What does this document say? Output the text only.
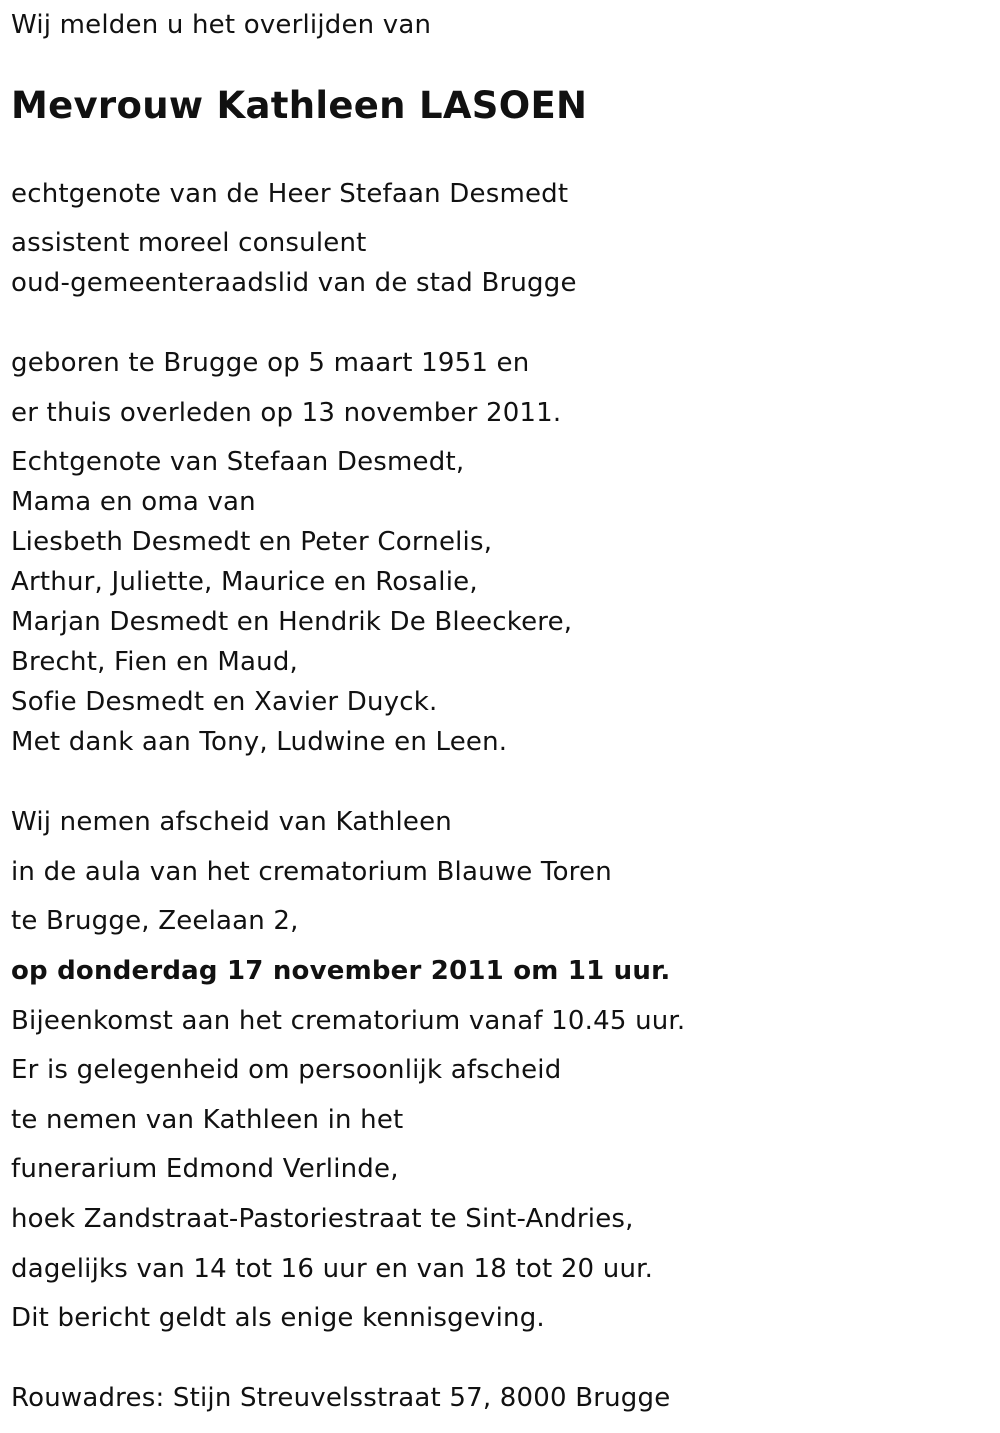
Wij melden u het overlijden van
Mevrouw Kathleen LASOEN
echtgenote van de Heer Stefaan Desmedt
assistent moreel consulent
oud-gemeenteraadslid van de stad Brugge
geboren te Brugge op 5 maart 1951 en
er thuis overleden op 13 november 2011.
Echtgenote van Stefaan Desmedt,
Mama en oma van
Liesbeth Desmedt en Peter Cornelis,
Arthur, Juliette, Maurice en Rosalie,
Marjan Desmedt en Hendrik De Bleeckere,
Brecht, Fien en Maud,
Sofie Desmedt en Xavier Duyck.
Met dank aan Tony, Ludwine en Leen.
Wij nemen afscheid van Kathleen
in de aula van het crematorium Blauwe Toren
te Brugge, Zeelaan 2,
op donderdag 17 november 2011 om 11 uur.
Bijeenkomst aan het crematorium vanaf 10.45 uur.
Er is gelegenheid om persoonlijk afscheid
te nemen van Kathleen in het
funerarium Edmond Verlinde,
hoek Zandstraat-Pastoriestraat te Sint-Andries,
dagelijks van 14 tot 16 uur en van 18 tot 20 uur.
Dit bericht geldt als enige kennisgeving.
Rouwadres: Stijn Streuvelsstraat 57, 8000 Brugge
